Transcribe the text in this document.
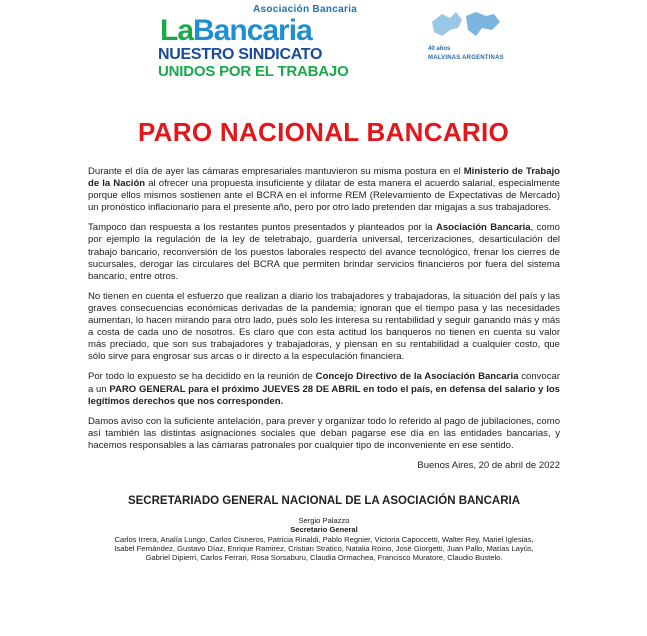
Asociación Bancaria
LaBancaria
NUESTRO SINDICATO
UNIDOS POR EL TRABAJO
40 años
MALVINAS ARGENTINAS
PARO NACIONAL BANCARIO

Durante el día de ayer las cámaras empresariales mantuvieron su misma postura en el Ministerio de Trabajo de la Nación al ofrecer una propuesta insuficiente y dilatar de esta manera el acuerdo salarial, especialmente porque ellos mismos sostienen ante el BCRA en el informe REM (Relevamiento de Expectativas de Mercado) un pronóstico inflacionario para el presente año, pero por otro lado pretenden dar migajas a sus trabajadores.

Tampoco dan respuesta a los restantes puntos presentados y planteados por la Asociación Bancaria, como por ejemplo la regulación de la ley de teletrabajo, guardería universal, tercerizaciones, desarticulación del trabajo bancario, reconversión de los puestos laborales respecto del avance tecnológico, frenar los cierres de sucursales, derogar las circulares del BCRA que permiten brindar servicios financieros por fuera del sistema bancario, entre otros.

No tienen en cuenta el esfuerzo que realizan a diario los trabajadores y trabajadoras, la situación del país y las graves consecuencias económicas derivadas de la pandemia; ignoran que el tiempo pasa y las necesidades aumentan, lo hacen mirando para otro lado, pués solo les interesa su rentabilidad y seguir ganando más y más a costa de cada uno de nosotros. Es claro que con esta actitud los banqueros no tienen en cuenta su valor más preciado, que son sus trabajadores y trabajadoras, y piensan en su rentabilidad a cualquier costo, que sólo sirve para engrosar sus arcas o ir directo a la especulación financiera.

Por todo lo expuesto se ha decidido en la reunión de Concejo Directivo de la Asociación Bancaria convocar a un PARO GENERAL para el próximo JUEVES 28 DE ABRIL en todo el país, en defensa del salario y los legítimos derechos que nos corresponden.

Damos aviso con la suficiente antelación, para prever y organizar todo lo referido al pago de jubilaciones, como así también las distintas asignaciones sociales que deban pagarse ese día en las entidades bancarias, y hacemos responsables a las cámaras patronales por cualquier tipo de inconveniente en ese sentido.

Buenos Aires, 20 de abril de 2022
SECRETARIADO GENERAL NACIONAL DE LA ASOCIACIÓN BANCARIA
Sergio Palazzo
Secretario General
Carlos Irrera, Analía Lungo, Carlos Cisneros, Patricia Rinaldi, Pablo Regnier, Victoria Capoccetti, Walter Rey, Mariel Iglesias,
Isabel Fernández, Gustavo Díaz, Enrique Ramirez, Cristian Stratico, Natalia Roino, José Giorgetti, Juan Pallo, Matías Layús,
Gabriel Dipierri, Carlos Ferrari, Rosa Sorsaburu, Claudia Ormachea, Francisco Muratore, Claudio Bustelo.
